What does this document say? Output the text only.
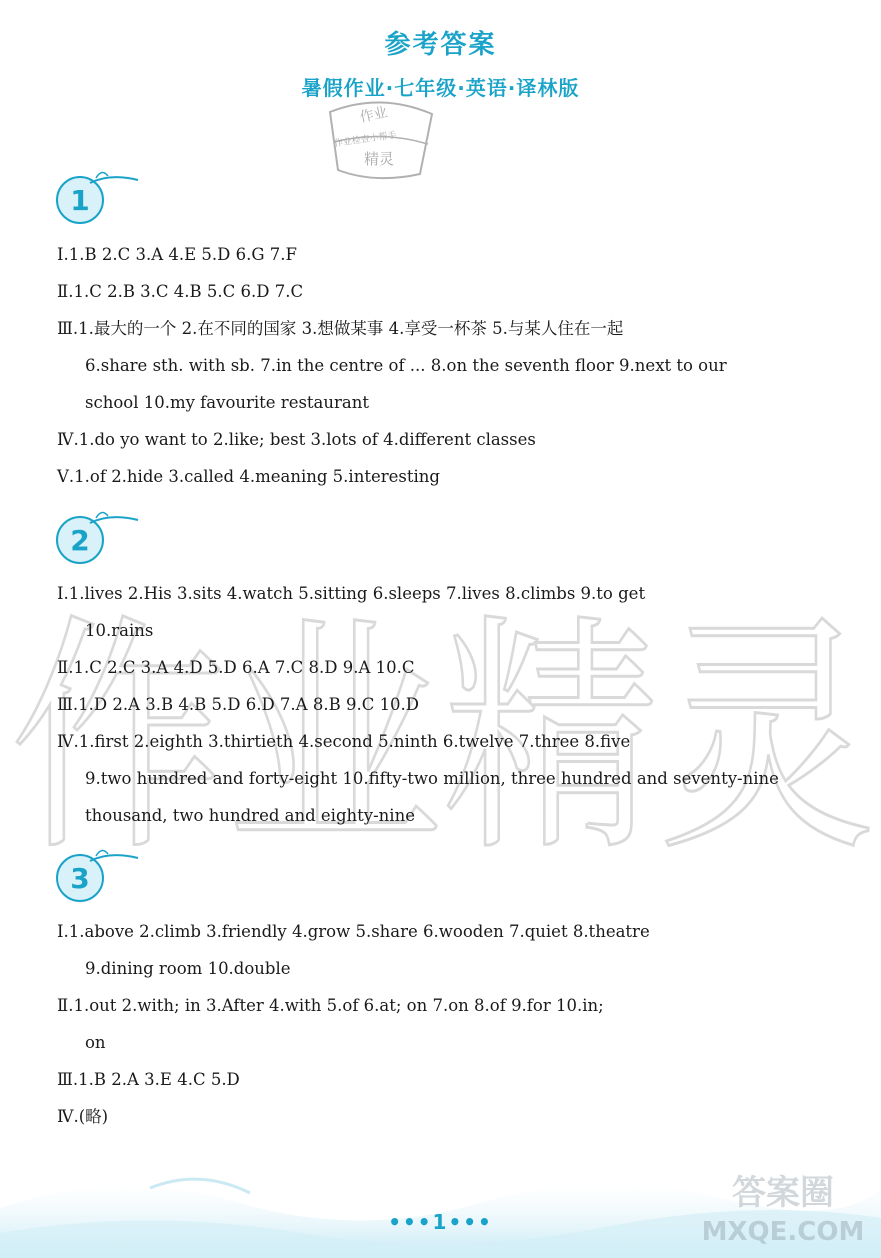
参考答案
暑假作业·七年级·英语·译林版
作业
作业检查小帮手
精灵
作业精灵
1
Ⅰ.1.B 2.C 3.A 4.E 5.D 6.G 7.F
Ⅱ.1.C 2.B 3.C 4.B 5.C 6.D 7.C
Ⅲ.1.最大的一个 2.在不同的国家 3.想做某事 4.享受一杯茶 5.与某人住在一起
6.share sth. with sb. 7.in the centre of ... 8.on the seventh floor 9.next to our
school 10.my favourite restaurant
Ⅳ.1.do yo want to 2.like; best 3.lots of 4.different classes
Ⅴ.1.of 2.hide 3.called 4.meaning 5.interesting
2
Ⅰ.1.lives 2.His 3.sits 4.watch 5.sitting 6.sleeps 7.lives 8.climbs 9.to get
10.rains
Ⅱ.1.C 2.C 3.A 4.D 5.D 6.A 7.C 8.D 9.A 10.C
Ⅲ.1.D 2.A 3.B 4.B 5.D 6.D 7.A 8.B 9.C 10.D
Ⅳ.1.first 2.eighth 3.thirtieth 4.second 5.ninth 6.twelve 7.three 8.five
9.two hundred and forty-eight 10.fifty-two million, three hundred and seventy-nine
thousand, two hundred and eighty-nine
3
Ⅰ.1.above 2.climb 3.friendly 4.grow 5.share 6.wooden 7.quiet 8.theatre
9.dining room 10.double
Ⅱ.1.out 2.with; in 3.After 4.with 5.of 6.at; on 7.on 8.of 9.for 10.in;
on
Ⅲ.1.B 2.A 3.E 4.C 5.D
Ⅳ.(略)
•••1•••
答案圈
MXQE.COM
